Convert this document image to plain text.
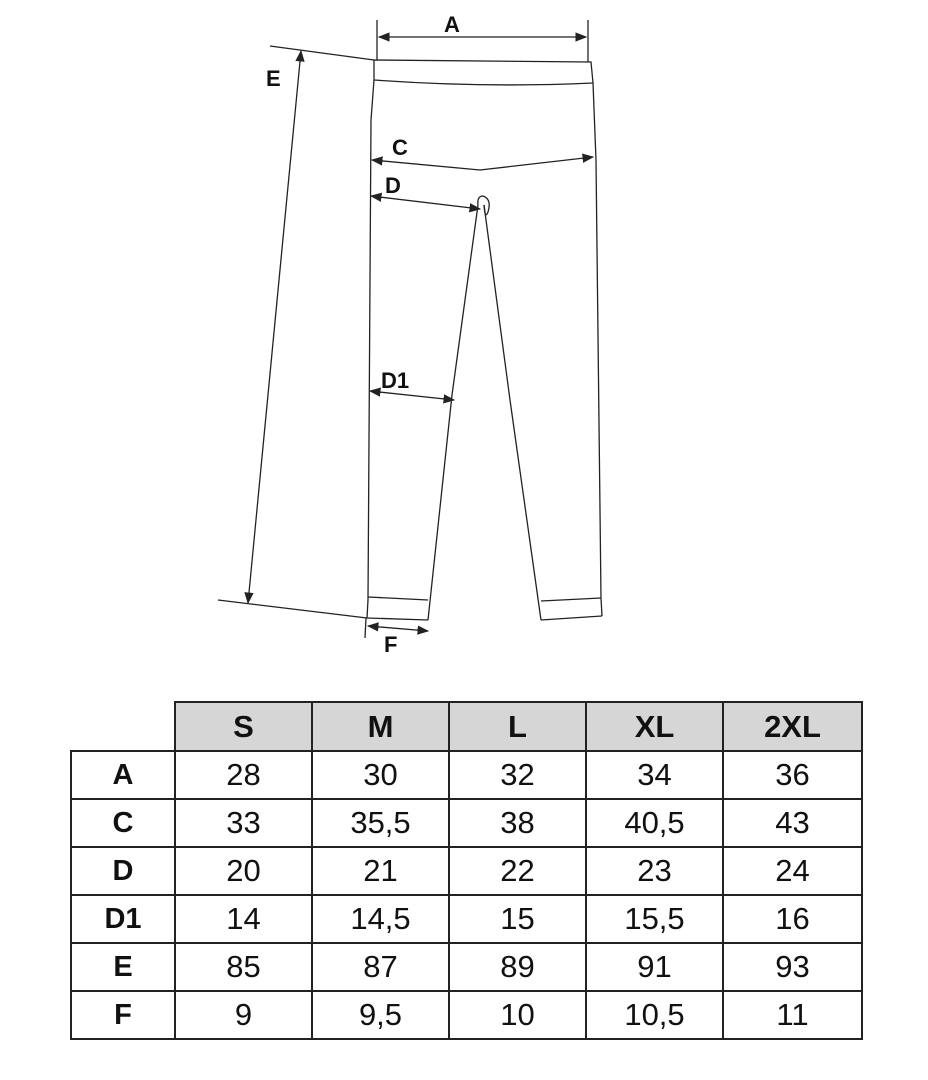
A
E
C
D
D1
F
	S	M	L	XL	2XL
A	28	30	32	34	36
C	33	35,5	38	40,5	43
D	20	21	22	23	24
D1	14	14,5	15	15,5	16
E	85	87	89	91	93
F	9	9,5	10	10,5	11
